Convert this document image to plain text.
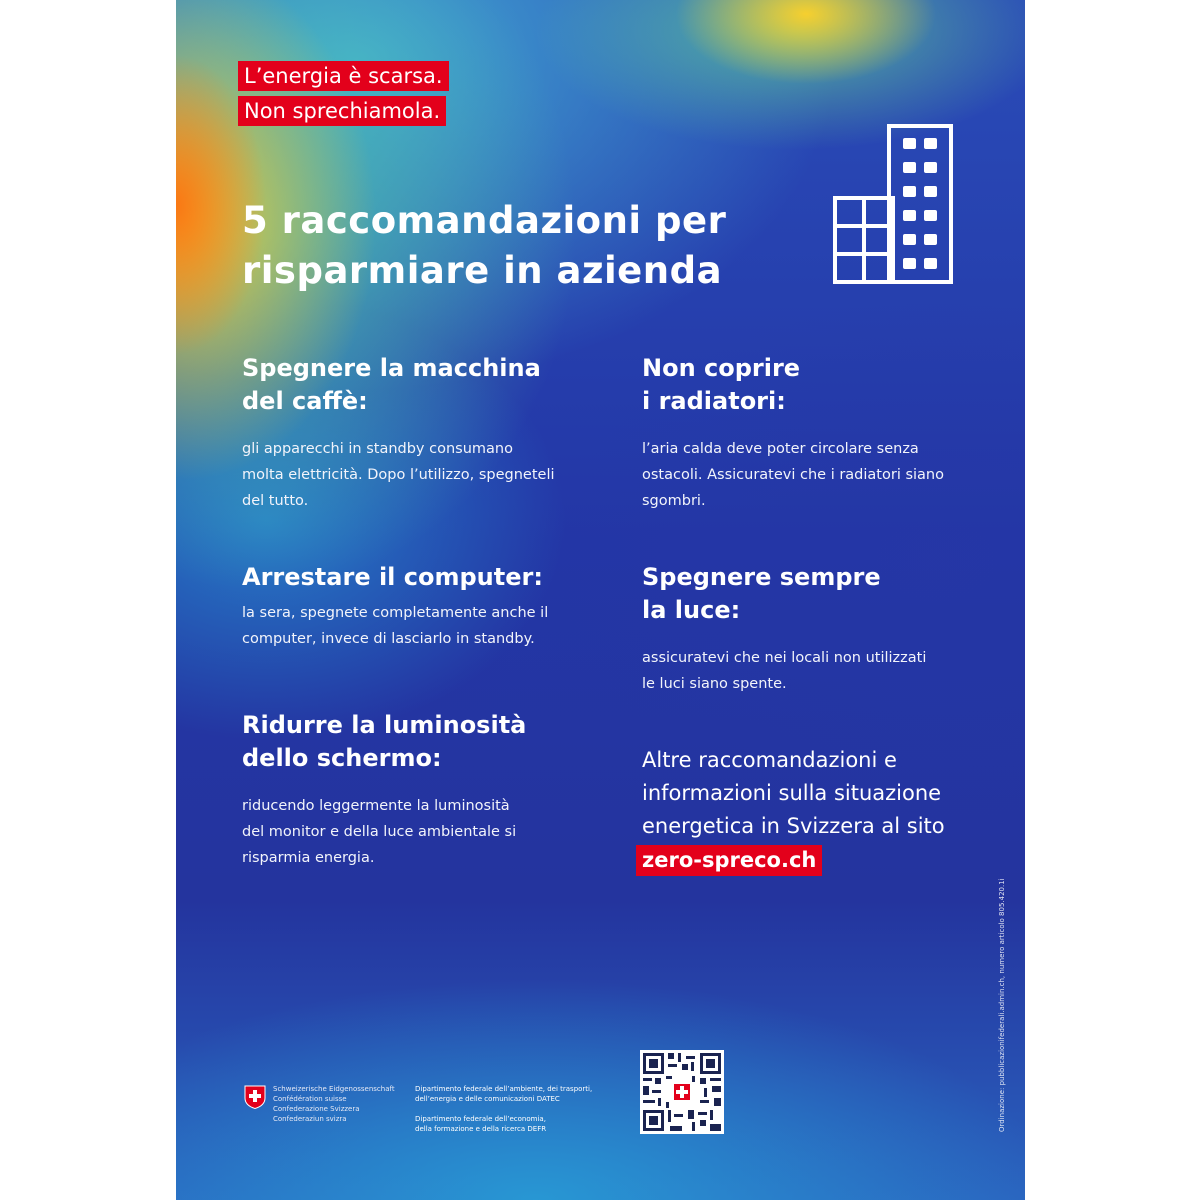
L’energia è scarsa.
Non sprechiamola.
5 raccomandazioni per risparmiare in azienda
Spegnere la macchina
del caffè:

gli apparecchi in standby consumano
molta elettricità. Dopo l’utilizzo, spegneteli
del tutto.

Non coprire
i radiatori:

l’aria calda deve poter circolare senza
ostacoli. Assicuratevi che i radiatori siano
sgombri.

Arrestare il computer:

la sera, spegnete completamente anche il
computer, invece di lasciarlo in standby.

Spegnere sempre
la luce:

assicuratevi che nei locali non utilizzati
le luci siano spente.

Ridurre la luminosità
dello schermo:

riducendo leggermente la luminosità
del monitor e della luce ambientale si
risparmia energia.

Altre raccomandazioni e
informazioni sulla situazione
energetica in Svizzera al sito
zero-spreco.ch
Ordinazione: pubblicazionifederali.admin.ch, numero articolo 805.420.1i
Schweizerische Eidgenossenschaft
Confédération suisse
Confederazione Svizzera
Confederaziun svizra
Dipartimento federale dell’ambiente, dei trasporti,
dell’energia e delle comunicazioni DATEC
Dipartimento federale dell’economia,
della formazione e della ricerca DEFR
